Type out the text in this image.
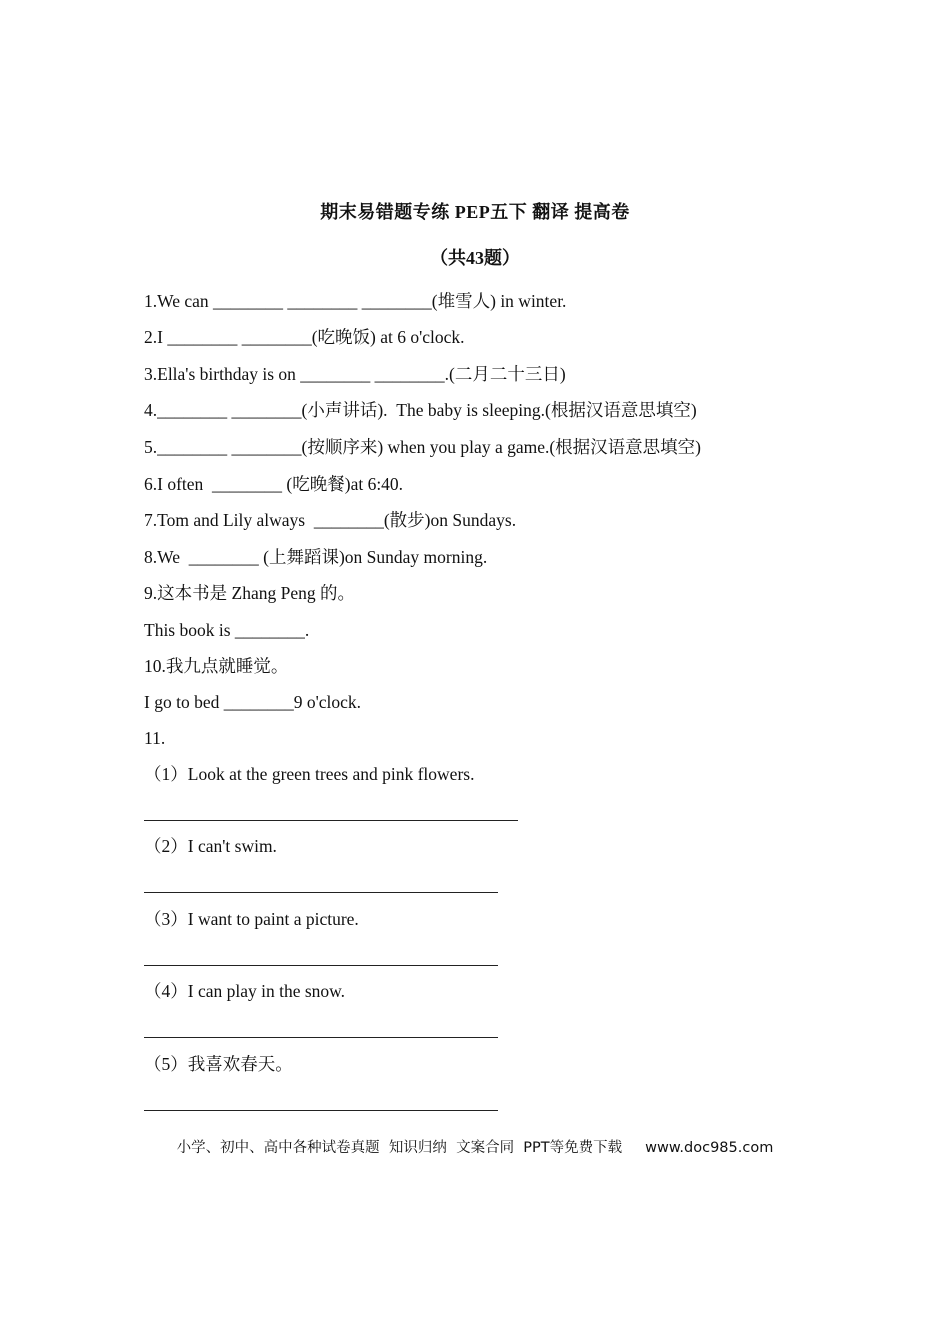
期末易错题专练 PEP五下 翻译 提高卷
（共43题）
1.We can ________ ________ ________(堆雪人) in winter.
2.I ________ ________(吃晚饭) at 6 o'clock.
3.Ella's birthday is on ________ ________.(二月二十三日)
4.________ ________(小声讲话).  The baby is sleeping.(根据汉语意思填空)
5.________ ________(按顺序来) when you play a game.(根据汉语意思填空)
6.I often  ________ (吃晚餐)at 6:40.
7.Tom and Lily always  ________(散步)on Sundays.
8.We  ________ (上舞蹈课)on Sunday morning.
9.这本书是 Zhang Peng 的。
This book is ________.
10.我九点就睡觉。
I go to bed ________9 o'clock.
11.
（1）Look at the green trees and pink flowers.
（2）I can't swim.
（3）I want to paint a picture.
（4）I can play in the snow.
（5）我喜欢春天。
小学、初中、高中各种试卷真题  知识归纳  文案合同  PPT等免费下载     www.doc985.com
